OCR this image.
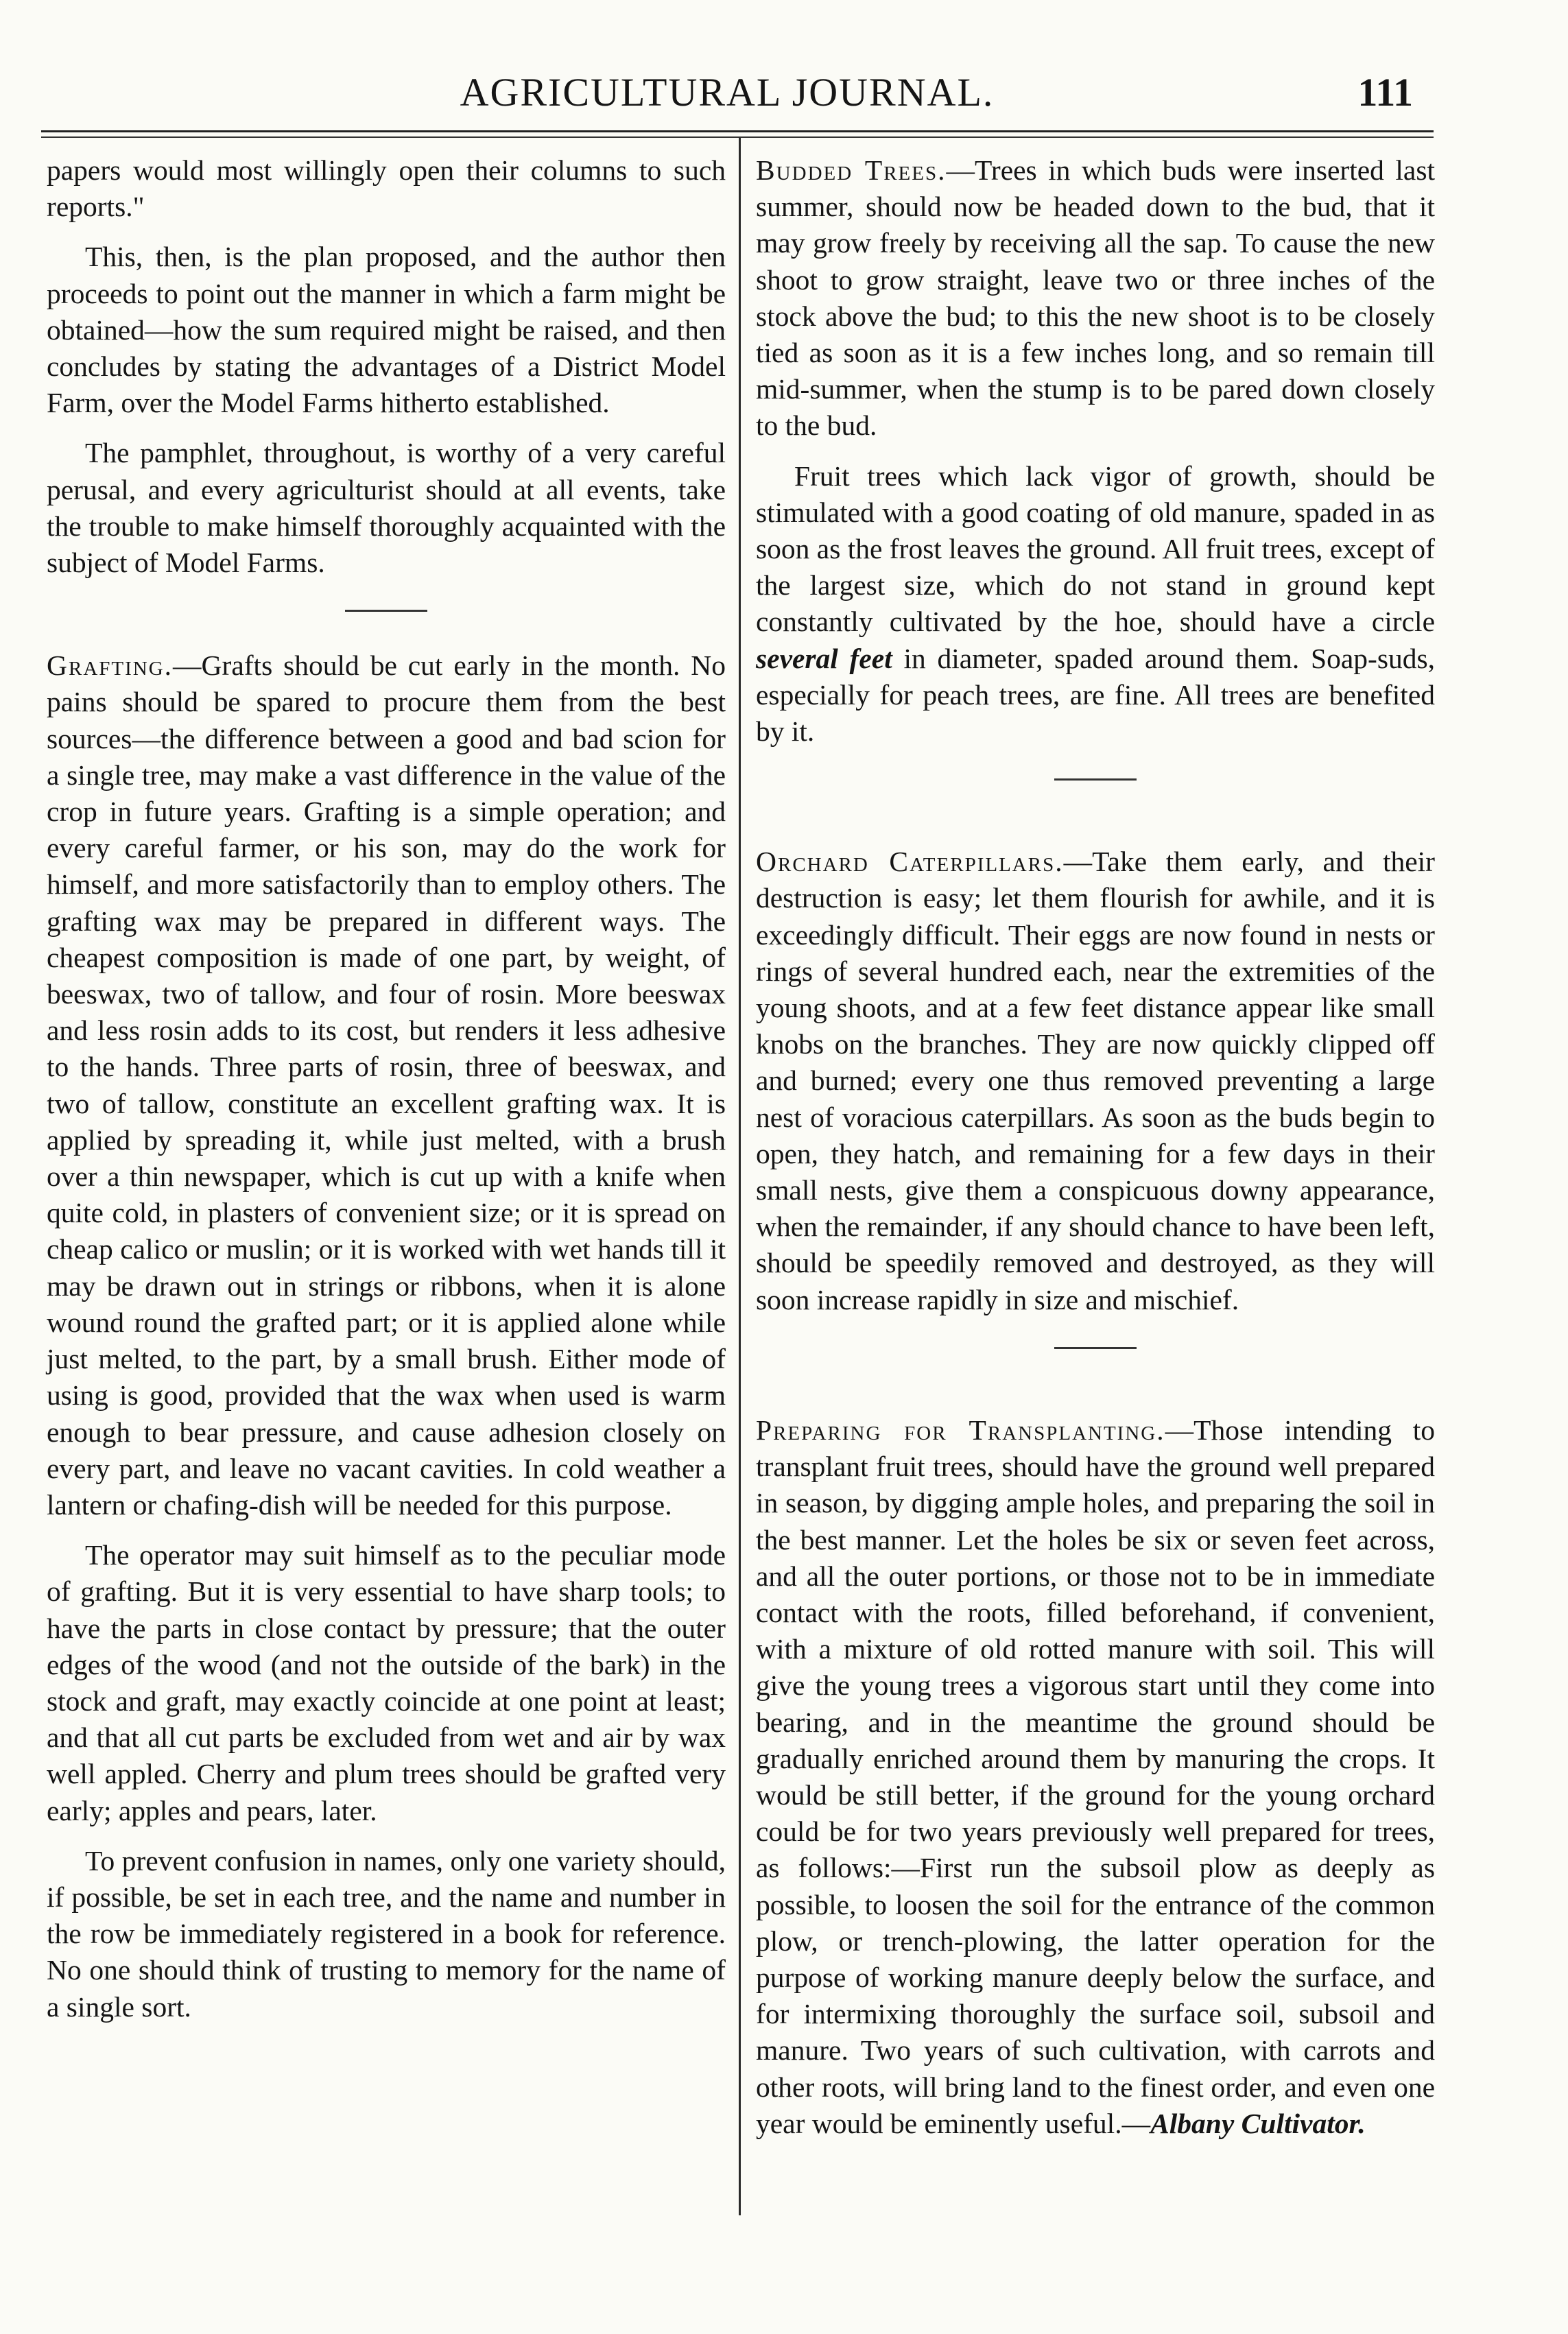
AGRICULTURAL JOURNAL.	111

papers would most willingly open their columns to such reports."

This, then, is the plan proposed, and the author then proceeds to point out the manner in which a farm might be obtained—how the sum required might be raised, and then concludes by stating the advantages of a District Model Farm, over the Model Farms hitherto established.

The pamphlet, throughout, is worthy of a very careful perusal, and every agriculturist should at all events, take the trouble to make himself thoroughly acquainted with the subject of Model Farms.

Grafting.—Grafts should be cut early in the month. No pains should be spared to procure them from the best sources—the difference between a good and bad scion for a single tree, may make a vast difference in the value of the crop in future years. Grafting is a simple operation; and every careful farmer, or his son, may do the work for himself, and more satisfactorily than to employ others. The grafting wax may be prepared in different ways. The cheapest composition is made of one part, by weight, of beeswax, two of tallow, and four of rosin. More beeswax and less rosin adds to its cost, but renders it less adhesive to the hands. Three parts of rosin, three of beeswax, and two of tallow, constitute an excellent grafting wax. It is applied by spreading it, while just melted, with a brush over a thin newspaper, which is cut up with a knife when quite cold, in plasters of convenient size; or it is spread on cheap calico or muslin; or it is worked with wet hands till it may be drawn out in strings or ribbons, when it is alone wound round the grafted part; or it is applied alone while just melted, to the part, by a small brush. Either mode of using is good, provided that the wax when used is warm enough to bear pressure, and cause adhesion closely on every part, and leave no vacant cavities. In cold weather a lantern or chafing-dish will be needed for this purpose.

The operator may suit himself as to the peculiar mode of grafting. But it is very essential to have sharp tools; to have the parts in close contact by pressure; that the outer edges of the wood (and not the outside of the bark) in the stock and graft, may exactly coincide at one point at least; and that all cut parts be excluded from wet and air by wax well appled. Cherry and plum trees should be grafted very early; apples and pears, later.

To prevent confusion in names, only one variety should, if possible, be set in each tree, and the name and number in the row be immediately registered in a book for reference. No one should think of trusting to memory for the name of a single sort.

Budded Trees.—Trees in which buds were inserted last summer, should now be headed down to the bud, that it may grow freely by receiving all the sap. To cause the new shoot to grow straight, leave two or three inches of the stock above the bud; to this the new shoot is to be closely tied as soon as it is a few inches long, and so remain till mid-summer, when the stump is to be pared down closely to the bud.

Fruit trees which lack vigor of growth, should be stimulated with a good coating of old manure, spaded in as soon as the frost leaves the ground. All fruit trees, except of the largest size, which do not stand in ground kept constantly cultivated by the hoe, should have a circle several feet in diameter, spaded around them. Soap-suds, especially for peach trees, are fine. All trees are benefited by it.

Orchard Caterpillars.—Take them early, and their destruction is easy; let them flourish for awhile, and it is exceedingly difficult. Their eggs are now found in nests or rings of several hundred each, near the extremities of the young shoots, and at a few feet distance appear like small knobs on the branches. They are now quickly clipped off and burned; every one thus removed preventing a large nest of voracious caterpillars. As soon as the buds begin to open, they hatch, and remaining for a few days in their small nests, give them a conspicuous downy appearance, when the remainder, if any should chance to have been left, should be speedily removed and destroyed, as they will soon increase rapidly in size and mischief.

Preparing for Transplanting.—Those intending to transplant fruit trees, should have the ground well prepared in season, by digging ample holes, and preparing the soil in the best manner. Let the holes be six or seven feet across, and all the outer portions, or those not to be in immediate contact with the roots, filled beforehand, if convenient, with a mixture of old rotted manure with soil. This will give the young trees a vigorous start until they come into bearing, and in the meantime the ground should be gradually enriched around them by manuring the crops. It would be still better, if the ground for the young orchard could be for two years previously well prepared for trees, as follows:—First run the subsoil plow as deeply as possible, to loosen the soil for the entrance of the common plow, or trench-plowing, the latter operation for the purpose of working manure deeply below the surface, and for intermixing thoroughly the surface soil, subsoil and manure. Two years of such cultivation, with carrots and other roots, will bring land to the finest order, and even one year would be eminently useful.—Albany Cultivator.
